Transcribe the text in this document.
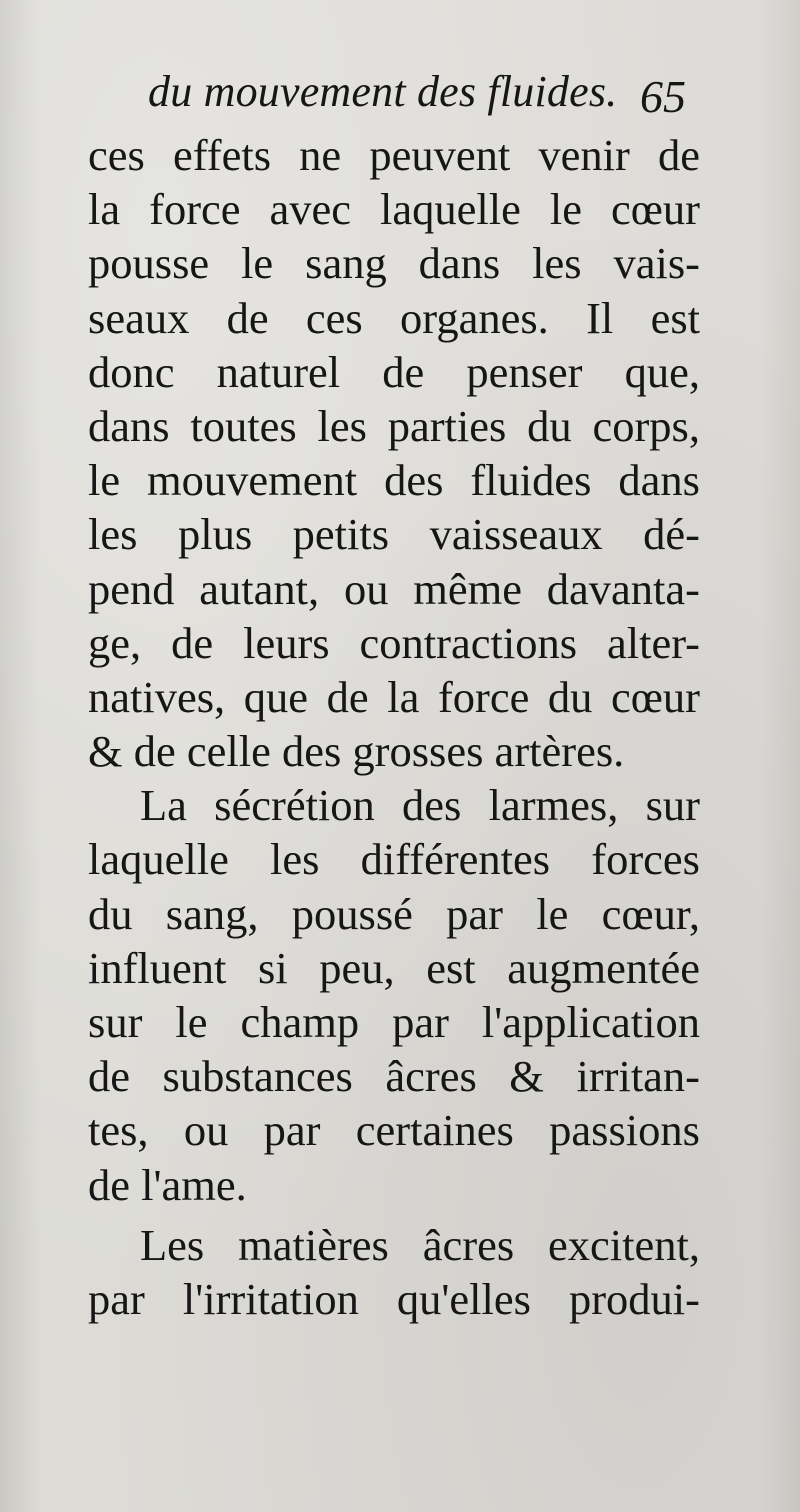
du mouvement des fluides. 65
ces effets ne peuvent venir de
la force avec laquelle le cœur
pousse le sang dans les vais-
seaux de ces organes. Il est
donc naturel de penser que,
dans toutes les parties du corps,
le mouvement des fluides dans
les plus petits vaisseaux dé-
pend autant, ou même davanta-
ge, de leurs contractions alter-
natives, que de la force du cœur
& de celle des grosses artères.
La sécrétion des larmes, sur
laquelle les différentes forces
du sang, poussé par le cœur,
influent si peu, est augmentée
sur le champ par l'application
de substances âcres & irritan-
tes, ou par certaines passions
de l'ame.
Les matières âcres excitent,
par l'irritation qu'elles produi-
